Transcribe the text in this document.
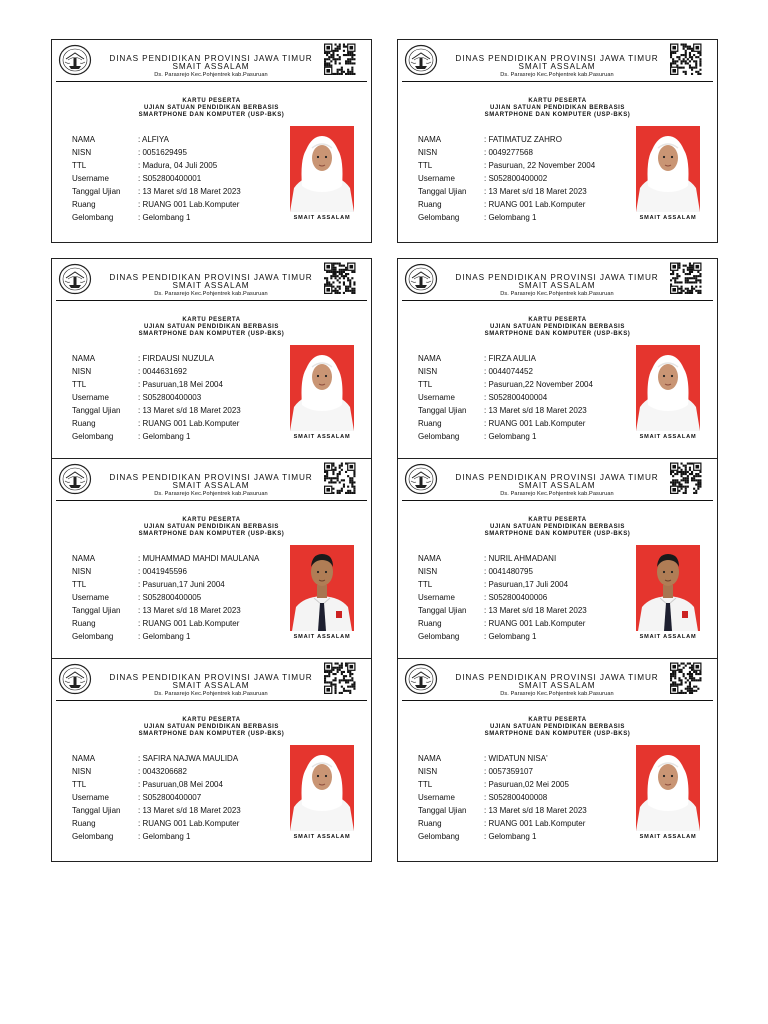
DINAS PENDIDIKAN PROVINSI JAWA TIMUR
SMAIT ASSALAM
Ds. Parasrejo Kec.Pohjentrek kab.Pasuruan
KARTU PESERTA
UJIAN SATUAN PENDIDIKAN BERBASIS
SMARTPHONE DAN KOMPUTER (USP-BKS)
NAMA	: ALFIYA
NISN	: 0051629495
TTL	: Madura, 04 Juli 2005
Username	: S052800400001
Tanggal Ujian : 13 Maret s/d 18 Maret 2023
Ruang	: RUANG 001 Lab.Komputer
Gelombang	: Gelombang 1	SMAIT ASSALAM
DINAS PENDIDIKAN PROVINSI JAWA TIMUR
SMAIT ASSALAM
Ds. Parasrejo Kec.Pohjentrek kab.Pasuruan
KARTU PESERTA
UJIAN SATUAN PENDIDIKAN BERBASIS
SMARTPHONE DAN KOMPUTER (USP-BKS)
NAMA	: FATIMATUZ ZAHRO
NISN	: 0049277568
TTL	: Pasuruan, 22 November 2004
Username	: S052800400002
Tanggal Ujian : 13 Maret s/d 18 Maret 2023
Ruang	: RUANG 001 Lab.Komputer
Gelombang	: Gelombang 1	SMAIT ASSALAM
DINAS PENDIDIKAN PROVINSI JAWA TIMUR
SMAIT ASSALAM
Ds. Parasrejo Kec.Pohjentrek kab.Pasuruan
KARTU PESERTA
UJIAN SATUAN PENDIDIKAN BERBASIS
SMARTPHONE DAN KOMPUTER (USP-BKS)
NAMA	: FIRDAUSI NUZULA
NISN	: 0044631692
TTL	: Pasuruan,18 Mei 2004
Username	: S052800400003
Tanggal Ujian : 13 Maret s/d 18 Maret 2023
Ruang	: RUANG 001 Lab.Komputer
Gelombang	: Gelombang 1	SMAIT ASSALAM
DINAS PENDIDIKAN PROVINSI JAWA TIMUR
SMAIT ASSALAM
Ds. Parasrejo Kec.Pohjentrek kab.Pasuruan
KARTU PESERTA
UJIAN SATUAN PENDIDIKAN BERBASIS
SMARTPHONE DAN KOMPUTER (USP-BKS)
NAMA	: FIRZA AULIA
NISN	: 0044074452
TTL	: Pasuruan,22 November 2004
Username	: S052800400004
Tanggal Ujian : 13 Maret s/d 18 Maret 2023
Ruang	: RUANG 001 Lab.Komputer
Gelombang	: Gelombang 1	SMAIT ASSALAM
DINAS PENDIDIKAN PROVINSI JAWA TIMUR
SMAIT ASSALAM
Ds. Parasrejo Kec.Pohjentrek kab.Pasuruan
KARTU PESERTA
UJIAN SATUAN PENDIDIKAN BERBASIS
SMARTPHONE DAN KOMPUTER (USP-BKS)
NAMA	: MUHAMMAD MAHDI MAULANA
NISN	: 0041945596
TTL	: Pasuruan,17 Juni 2004
Username	: S052800400005
Tanggal Ujian : 13 Maret s/d 18 Maret 2023
Ruang	: RUANG 001 Lab.Komputer
Gelombang	: Gelombang 1	SMAIT ASSALAM
DINAS PENDIDIKAN PROVINSI JAWA TIMUR
SMAIT ASSALAM
Ds. Parasrejo Kec.Pohjentrek kab.Pasuruan
KARTU PESERTA
UJIAN SATUAN PENDIDIKAN BERBASIS
SMARTPHONE DAN KOMPUTER (USP-BKS)
NAMA	: NURIL AHMADANI
NISN	: 0041480795
TTL	: Pasuruan,17 Juli 2004
Username	: S052800400006
Tanggal Ujian : 13 Maret s/d 18 Maret 2023
Ruang	: RUANG 001 Lab.Komputer
Gelombang	: Gelombang 1	SMAIT ASSALAM
DINAS PENDIDIKAN PROVINSI JAWA TIMUR
SMAIT ASSALAM
Ds. Parasrejo Kec.Pohjentrek kab.Pasuruan
KARTU PESERTA
UJIAN SATUAN PENDIDIKAN BERBASIS
SMARTPHONE DAN KOMPUTER (USP-BKS)
NAMA	: SAFIRA NAJWA MAULIDA
NISN	: 0043206682
TTL	: Pasuruan,08 Mei 2004
Username	: S052800400007
Tanggal Ujian : 13 Maret s/d 18 Maret 2023
Ruang	: RUANG 001 Lab.Komputer
Gelombang	: Gelombang 1	SMAIT ASSALAM
DINAS PENDIDIKAN PROVINSI JAWA TIMUR
SMAIT ASSALAM
Ds. Parasrejo Kec.Pohjentrek kab.Pasuruan
KARTU PESERTA
UJIAN SATUAN PENDIDIKAN BERBASIS
SMARTPHONE DAN KOMPUTER (USP-BKS)
NAMA	: WIDATUN NISA'
NISN	: 0057359107
TTL	: Pasuruan,02 Mei 2005
Username	: S052800400008
Tanggal Ujian : 13 Maret s/d 18 Maret 2023
Ruang	: RUANG 001 Lab.Komputer
Gelombang	: Gelombang 1	SMAIT ASSALAM
